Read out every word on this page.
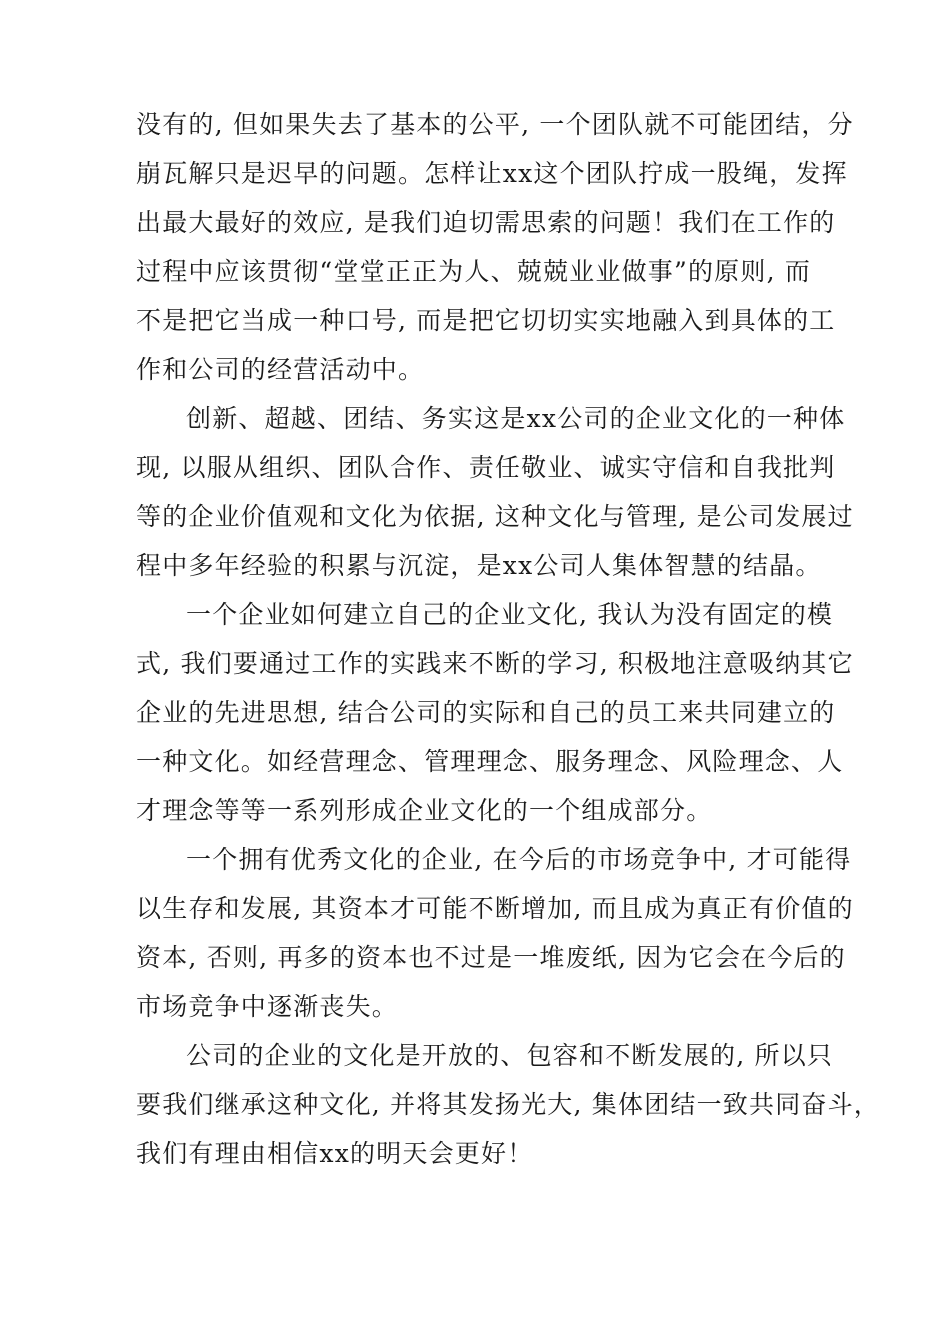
没有的, 但如果失去了基本的公平, 一个团队就不可能团结，分
崩瓦解只是迟早的问题。怎样让xx这个团队拧成一股绳，发挥
出最大最好的效应, 是我们迫切需思索的问题！我们在工作的
过程中应该贯彻“堂堂正正为人、兢兢业业做事”的原则, 而
不是把它当成一种口号, 而是把它切切实实地融入到具体的工
作和公司的经营活动中。
创新、超越、团结、务实这是xx公司的企业文化的一种体
现, 以服从组织、团队合作、责任敬业、诚实守信和自我批判
等的企业价值观和文化为依据, 这种文化与管理, 是公司发展过
程中多年经验的积累与沉淀，是xx公司人集体智慧的结晶。
一个企业如何建立自己的企业文化, 我认为没有固定的模
式, 我们要通过工作的实践来不断的学习, 积极地注意吸纳其它
企业的先进思想, 结合公司的实际和自己的员工来共同建立的
一种文化。如经营理念、管理理念、服务理念、风险理念、人
才理念等等一系列形成企业文化的一个组成部分。
一个拥有优秀文化的企业, 在今后的市场竞争中, 才可能得
以生存和发展, 其资本才可能不断增加, 而且成为真正有价值的
资本, 否则, 再多的资本也不过是一堆废纸, 因为它会在今后的
市场竞争中逐渐丧失。
公司的企业的文化是开放的、包容和不断发展的, 所以只
要我们继承这种文化, 并将其发扬光大, 集体团结一致共同奋斗，
我们有理由相信xx的明天会更好！
